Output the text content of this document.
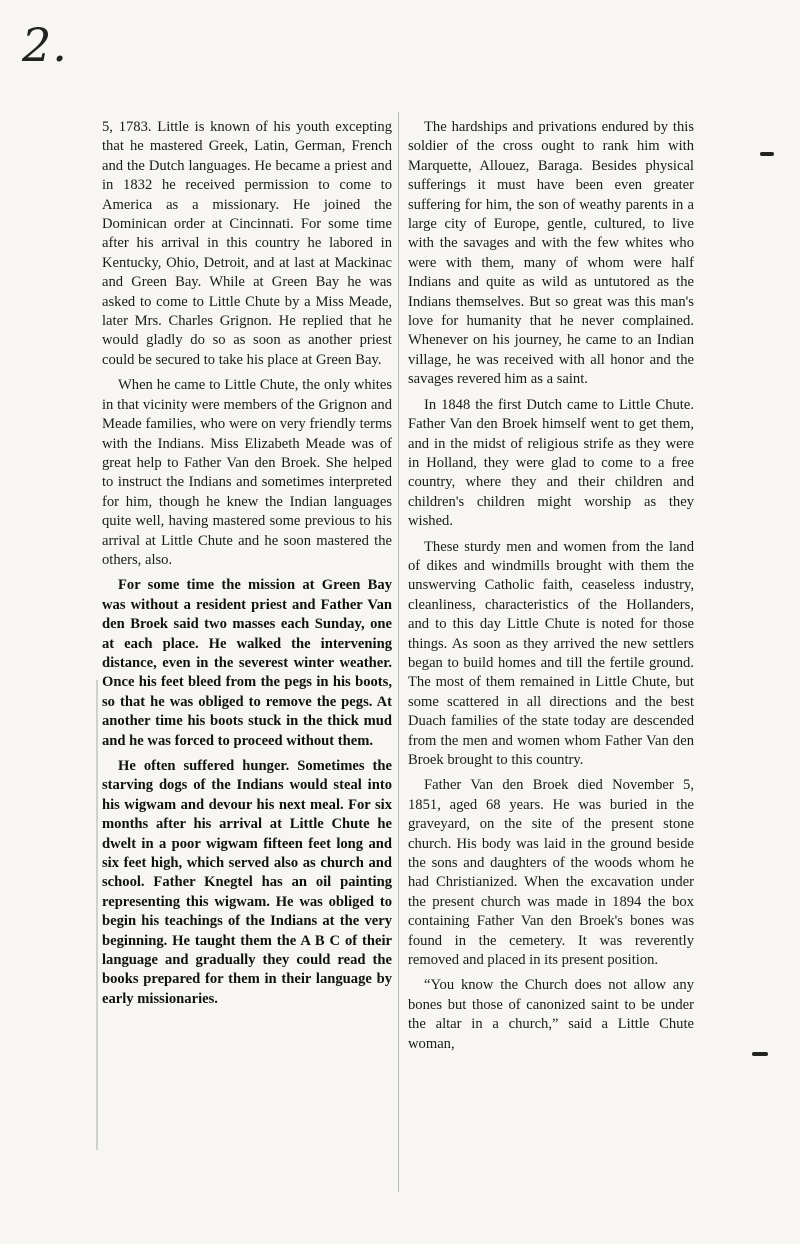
2.

5, 1783. Little is known of his youth excepting that he mastered Greek, Latin, German, French and the Dutch languages. He became a priest and in 1832 he received permission to come to America as a missionary. He joined the Dominican order at Cincinnati. For some time after his arrival in this country he labored in Kentucky, Ohio, Detroit, and at last at Mackinac and Green Bay. While at Green Bay he was asked to come to Little Chute by a Miss Meade, later Mrs. Charles Grignon. He replied that he would gladly do so as soon as another priest could be secured to take his place at Green Bay.

When he came to Little Chute, the only whites in that vicinity were members of the Grignon and Meade families, who were on very friendly terms with the Indians. Miss Elizabeth Meade was of great help to Father Van den Broek. She helped to instruct the Indians and sometimes interpreted for him, though he knew the Indian languages quite well, having mastered some previous to his arrival at Little Chute and he soon mastered the others, also.

For some time the mission at Green Bay was without a resident priest and Father Van den Broek said two masses each Sunday, one at each place. He walked the intervening distance, even in the severest winter weather. Once his feet bleed from the pegs in his boots, so that he was obliged to remove the pegs. At another time his boots stuck in the thick mud and he was forced to proceed without them.

He often suffered hunger. Sometimes the starving dogs of the Indians would steal into his wigwam and devour his next meal. For six months after his arrival at Little Chute he dwelt in a poor wigwam fifteen feet long and six feet high, which served also as church and school. Father Knegtel has an oil painting representing this wigwam. He was obliged to begin his teachings of the Indians at the very beginning. He taught them the A B C of their language and gradually they could read the books prepared for them in their language by early missionaries.

The hardships and privations endured by this soldier of the cross ought to rank him with Marquette, Allouez, Baraga. Besides physical sufferings it must have been even greater suffering for him, the son of weathy parents in a large city of Europe, gentle, cultured, to live with the savages and with the few whites who were with them, many of whom were half Indians and quite as wild as untutored as the Indians themselves. But so great was this man's love for humanity that he never complained. Whenever on his journey, he came to an Indian village, he was received with all honor and the savages revered him as a saint.

In 1848 the first Dutch came to Little Chute. Father Van den Broek himself went to get them, and in the midst of religious strife as they were in Holland, they were glad to come to a free country, where they and their children and children's children might worship as they wished.

These sturdy men and women from the land of dikes and windmills brought with them the unswerving Catholic faith, ceaseless industry, cleanliness, characteristics of the Hollanders, and to this day Little Chute is noted for those things. As soon as they arrived the new settlers began to build homes and till the fertile ground. The most of them remained in Little Chute, but some scattered in all directions and the best Duach families of the state today are descended from the men and women whom Father Van den Broek brought to this country.

Father Van den Broek died November 5, 1851, aged 68 years. He was buried in the graveyard, on the site of the present stone church. His body was laid in the ground beside the sons and daughters of the woods whom he had Christianized. When the excavation under the present church was made in 1894 the box containing Father Van den Broek's bones was found in the cemetery. It was reverently removed and placed in its present position.

“You know the Church does not allow any bones but those of canonized saint to be under the altar in a church,” said a Little Chute woman,
